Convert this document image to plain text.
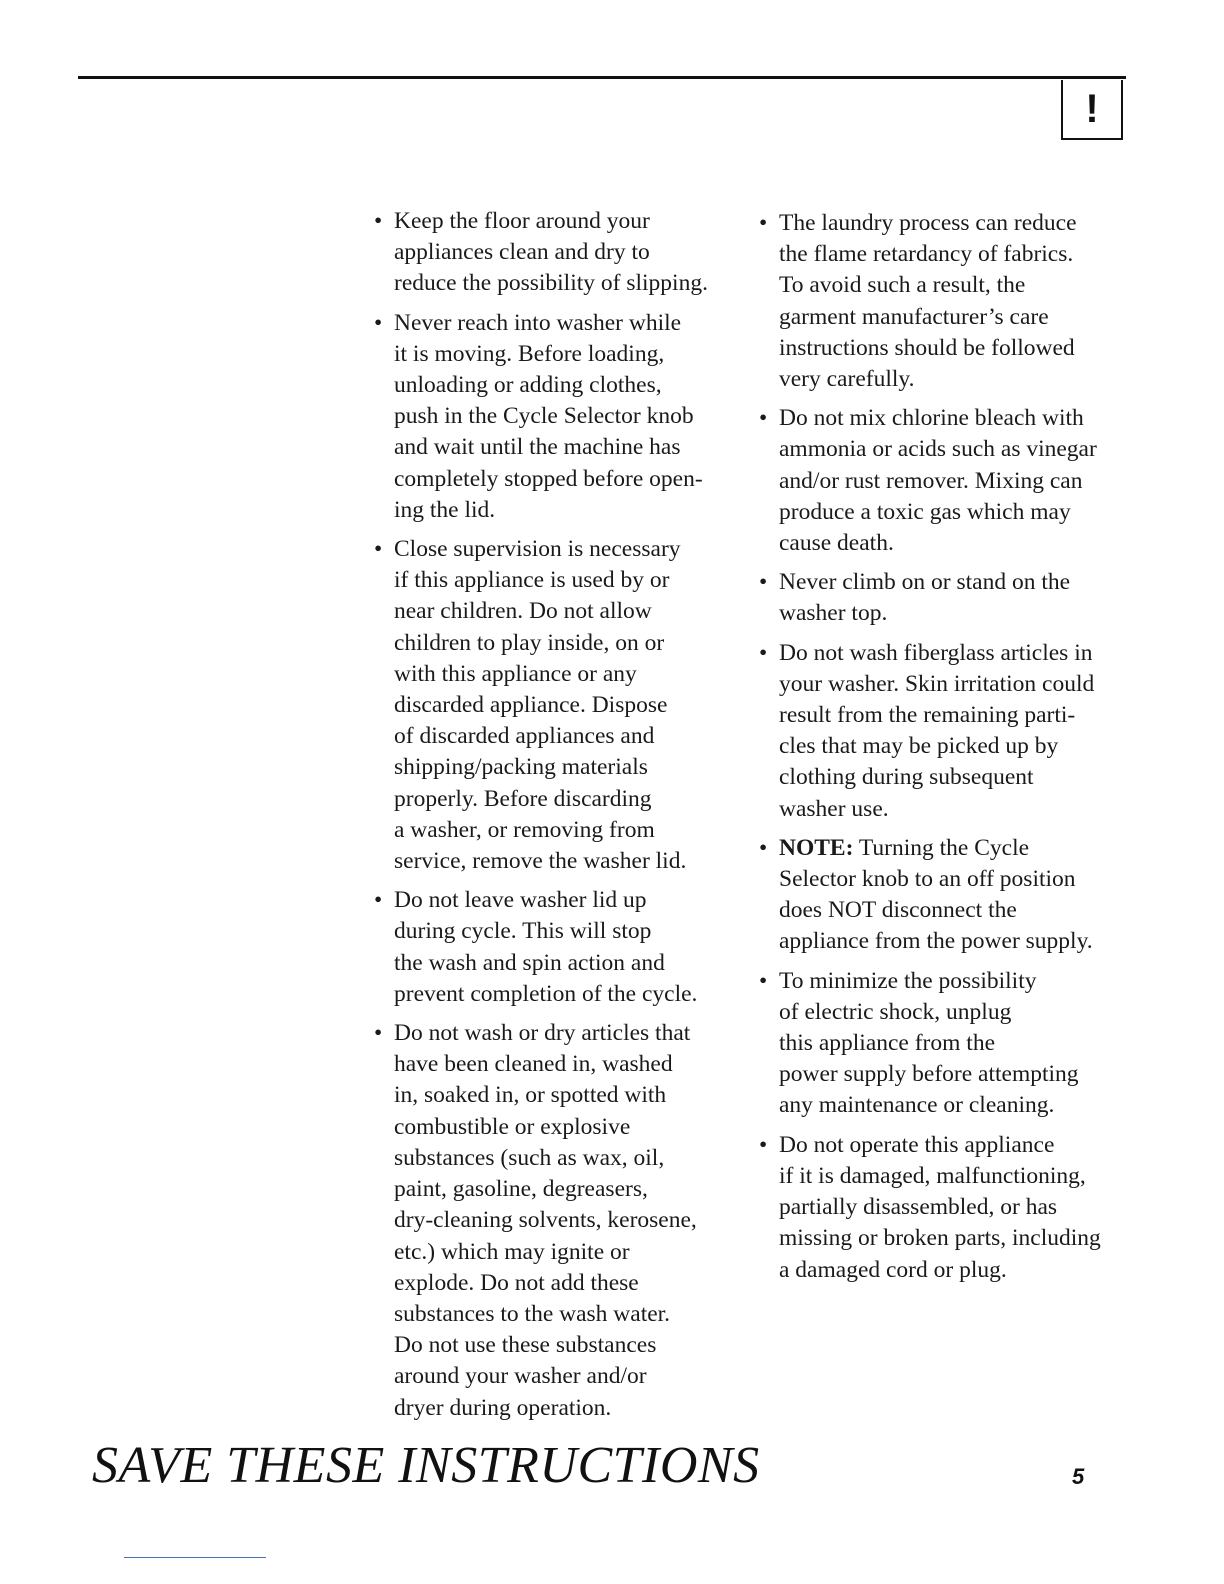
!
• Keep the floor around your
appliances clean and dry to
reduce the possibility of slipping.
• Never reach into washer while
it is moving. Before loading,
unloading or adding clothes,
push in the Cycle Selector knob
and wait until the machine has
completely stopped before open-
ing the lid.
• Close supervision is necessary
if this appliance is used by or
near children. Do not allow
children to play inside, on or
with this appliance or any
discarded appliance. Dispose
of discarded appliances and
shipping/packing materials
properly. Before discarding
a washer, or removing from
service, remove the washer lid.
• Do not leave washer lid up
during cycle. This will stop
the wash and spin action and
prevent completion of the cycle.
• Do not wash or dry articles that
have been cleaned in, washed
in, soaked in, or spotted with
combustible or explosive
substances (such as wax, oil,
paint, gasoline, degreasers,
dry-cleaning solvents, kerosene,
etc.) which may ignite or
explode. Do not add these
substances to the wash water.
Do not use these substances
around your washer and/or
dryer during operation.
• The laundry process can reduce
the flame retardancy of fabrics.
To avoid such a result, the
garment manufacturer’s care
instructions should be followed
very carefully.
• Do not mix chlorine bleach with
ammonia or acids such as vinegar
and/or rust remover. Mixing can
produce a toxic gas which may
cause death.
• Never climb on or stand on the
washer top.
• Do not wash fiberglass articles in
your washer. Skin irritation could
result from the remaining parti-
cles that may be picked up by
clothing during subsequent
washer use.
• NOTE: Turning the Cycle
Selector knob to an off position
does NOT disconnect the
appliance from the power supply.
• To minimize the possibility
of electric shock, unplug
this appliance from the
power supply before attempting
any maintenance or cleaning.
• Do not operate this appliance
if it is damaged, malfunctioning,
partially disassembled, or has
missing or broken parts, including
a damaged cord or plug.
SAVE THESE INSTRUCTIONS	5
